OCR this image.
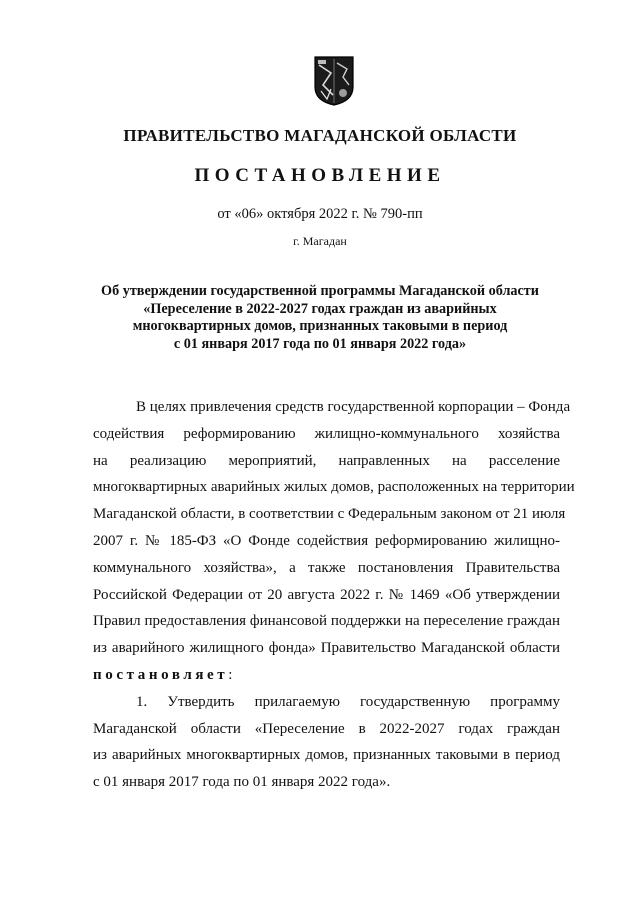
ПРАВИТЕЛЬСТВО МАГАДАНСКОЙ ОБЛАСТИ
ПОСТАНОВЛЕНИЕ
от «06» октября 2022 г. № 790-пп
г. Магадан
Об утверждении государственной программы Магаданской области
«Переселение в 2022-2027 годах граждан из аварийных
многоквартирных домов, признанных таковыми в период
с 01 января 2017 года по 01 января 2022 года»
В целях привлечения средств государственной корпорации – Фонда
содействия реформированию жилищно-коммунального хозяйства
на реализацию мероприятий, направленных на расселение
многоквартирных аварийных жилых домов, расположенных на территории
Магаданской области, в соответствии с Федеральным законом от 21 июля
2007 г. № 185-ФЗ «О Фонде содействия реформированию жилищно-
коммунального хозяйства», а также постановления Правительства
Российской Федерации от 20 августа 2022 г. № 1469 «Об утверждении
Правил предоставления финансовой поддержки на переселение граждан
из аварийного жилищного фонда» Правительство Магаданской области
постановляет:
1. Утвердить прилагаемую государственную программу
Магаданской области «Переселение в 2022-2027 годах граждан
из аварийных многоквартирных домов, признанных таковыми в период
с 01 января 2017 года по 01 января 2022 года».
